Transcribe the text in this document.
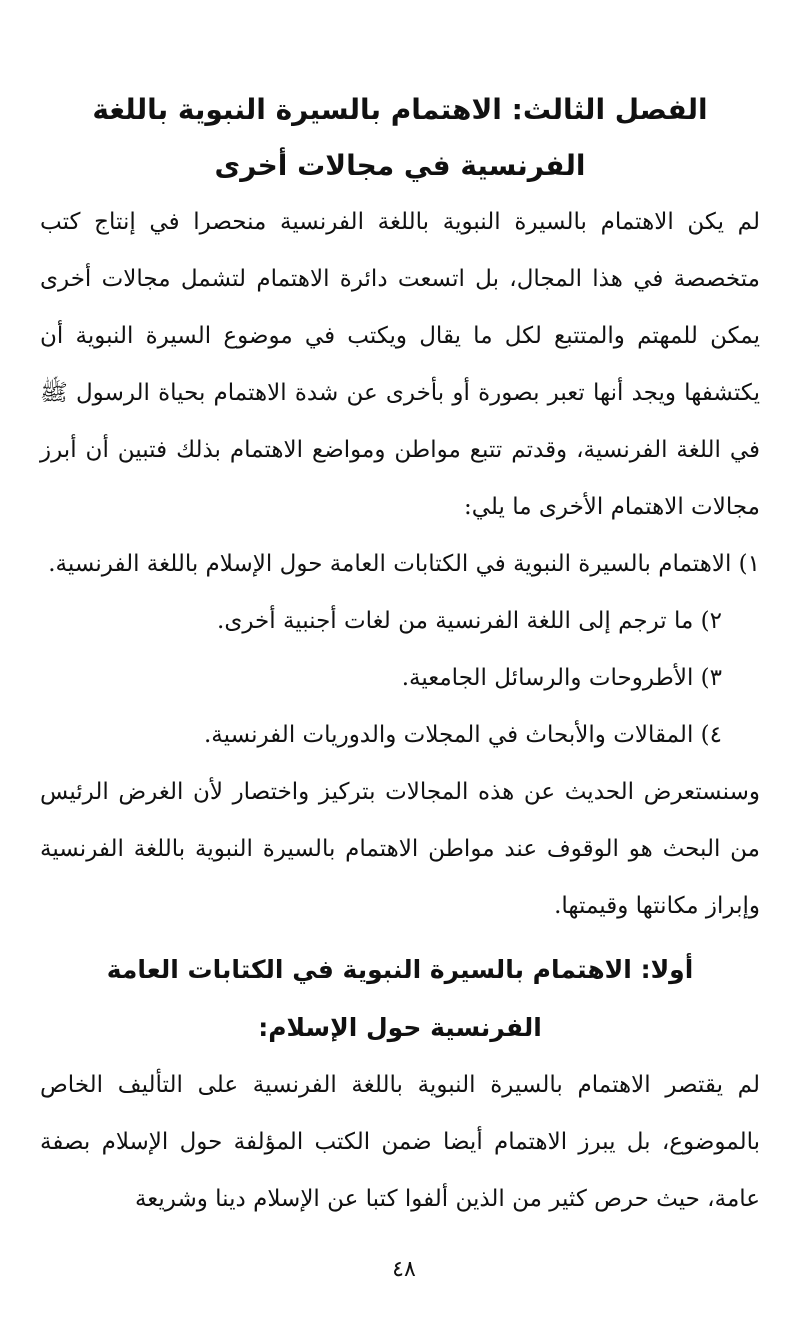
الفصل الثالث: الاهتمام بالسيرة النبوية باللغة
الفرنسية في مجالات أخرى

لم يكن الاهتمام بالسيرة النبوية باللغة الفرنسية منحصرا في إنتاج كتب متخصصة في هذا المجال، بل اتسعت دائرة الاهتمام لتشمل مجالات أخرى يمكن للمهتم والمتتبع لكل ما يقال ويكتب في موضوع السيرة النبوية أن يكتشفها ويجد أنها تعبر بصورة أو بأخرى عن شدة الاهتمام بحياة الرسول ﷺ في اللغة الفرنسية، وقدتم تتبع مواطن ومواضع الاهتمام بذلك فتبين أن أبرز مجالات الاهتمام الأخرى ما يلي:

١) الاهتمام بالسيرة النبوية في الكتابات العامة حول الإسلام باللغة الفرنسية.
٢) ما ترجم إلى اللغة الفرنسية من لغات أجنبية أخرى.
٣) الأطروحات والرسائل الجامعية.
٤) المقالات والأبحاث في المجلات والدوريات الفرنسية.

وسنستعرض الحديث عن هذه المجالات بتركيز واختصار لأن الغرض الرئيس من البحث هو الوقوف عند مواطن الاهتمام بالسيرة النبوية باللغة الفرنسية وإبراز مكانتها وقيمتها.

أولا: الاهتمام بالسيرة النبوية في الكتابات العامة
الفرنسية حول الإسلام:

لم يقتصر الاهتمام بالسيرة النبوية باللغة الفرنسية على التأليف الخاص بالموضوع، بل يبرز الاهتمام أيضا ضمن الكتب المؤلفة حول الإسلام بصفة عامة، حيث حرص كثير من الذين ألفوا كتبا عن الإسلام دينا وشريعة

٤٨
